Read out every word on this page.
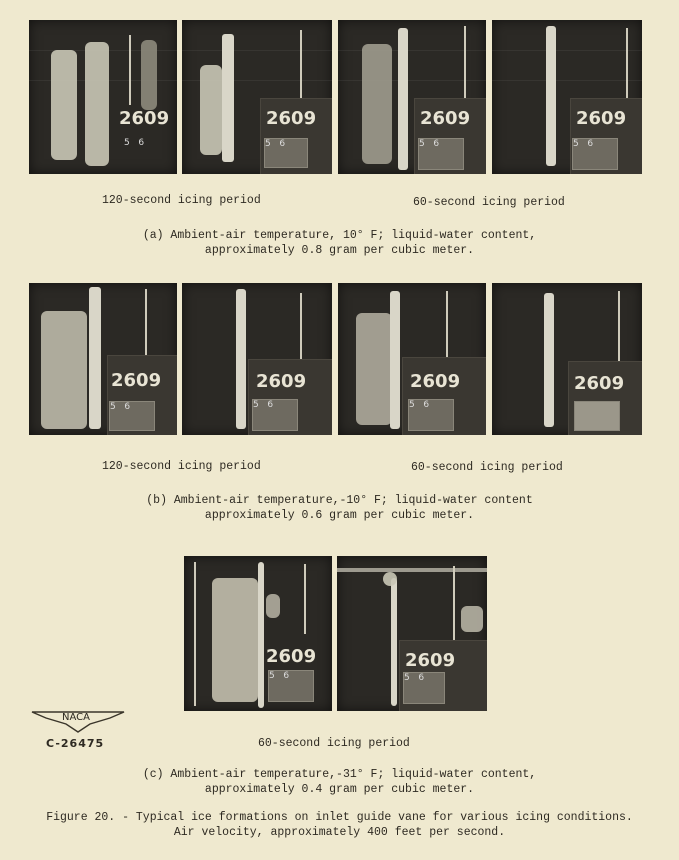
2609
5 6
2609
5 6
2609
5 6
2609
5 6
120-second icing period	60-second icing period
(a) Ambient-air temperature, 10° F; liquid-water content,
approximately 0.8 gram per cubic meter.
2609
5 6
2609
5 6
2609
5 6
2609
120-second icing period	60-second icing period
(b) Ambient-air temperature,-10° F; liquid-water content
approximately 0.6 gram per cubic meter.
2609
5 6
2609
5 6
NACA
C-26475	60-second icing period
(c) Ambient-air temperature,-31° F; liquid-water content,
approximately 0.4 gram per cubic meter.
Figure 20. - Typical ice formations on inlet guide vane for various icing conditions.
Air velocity, approximately 400 feet per second.
